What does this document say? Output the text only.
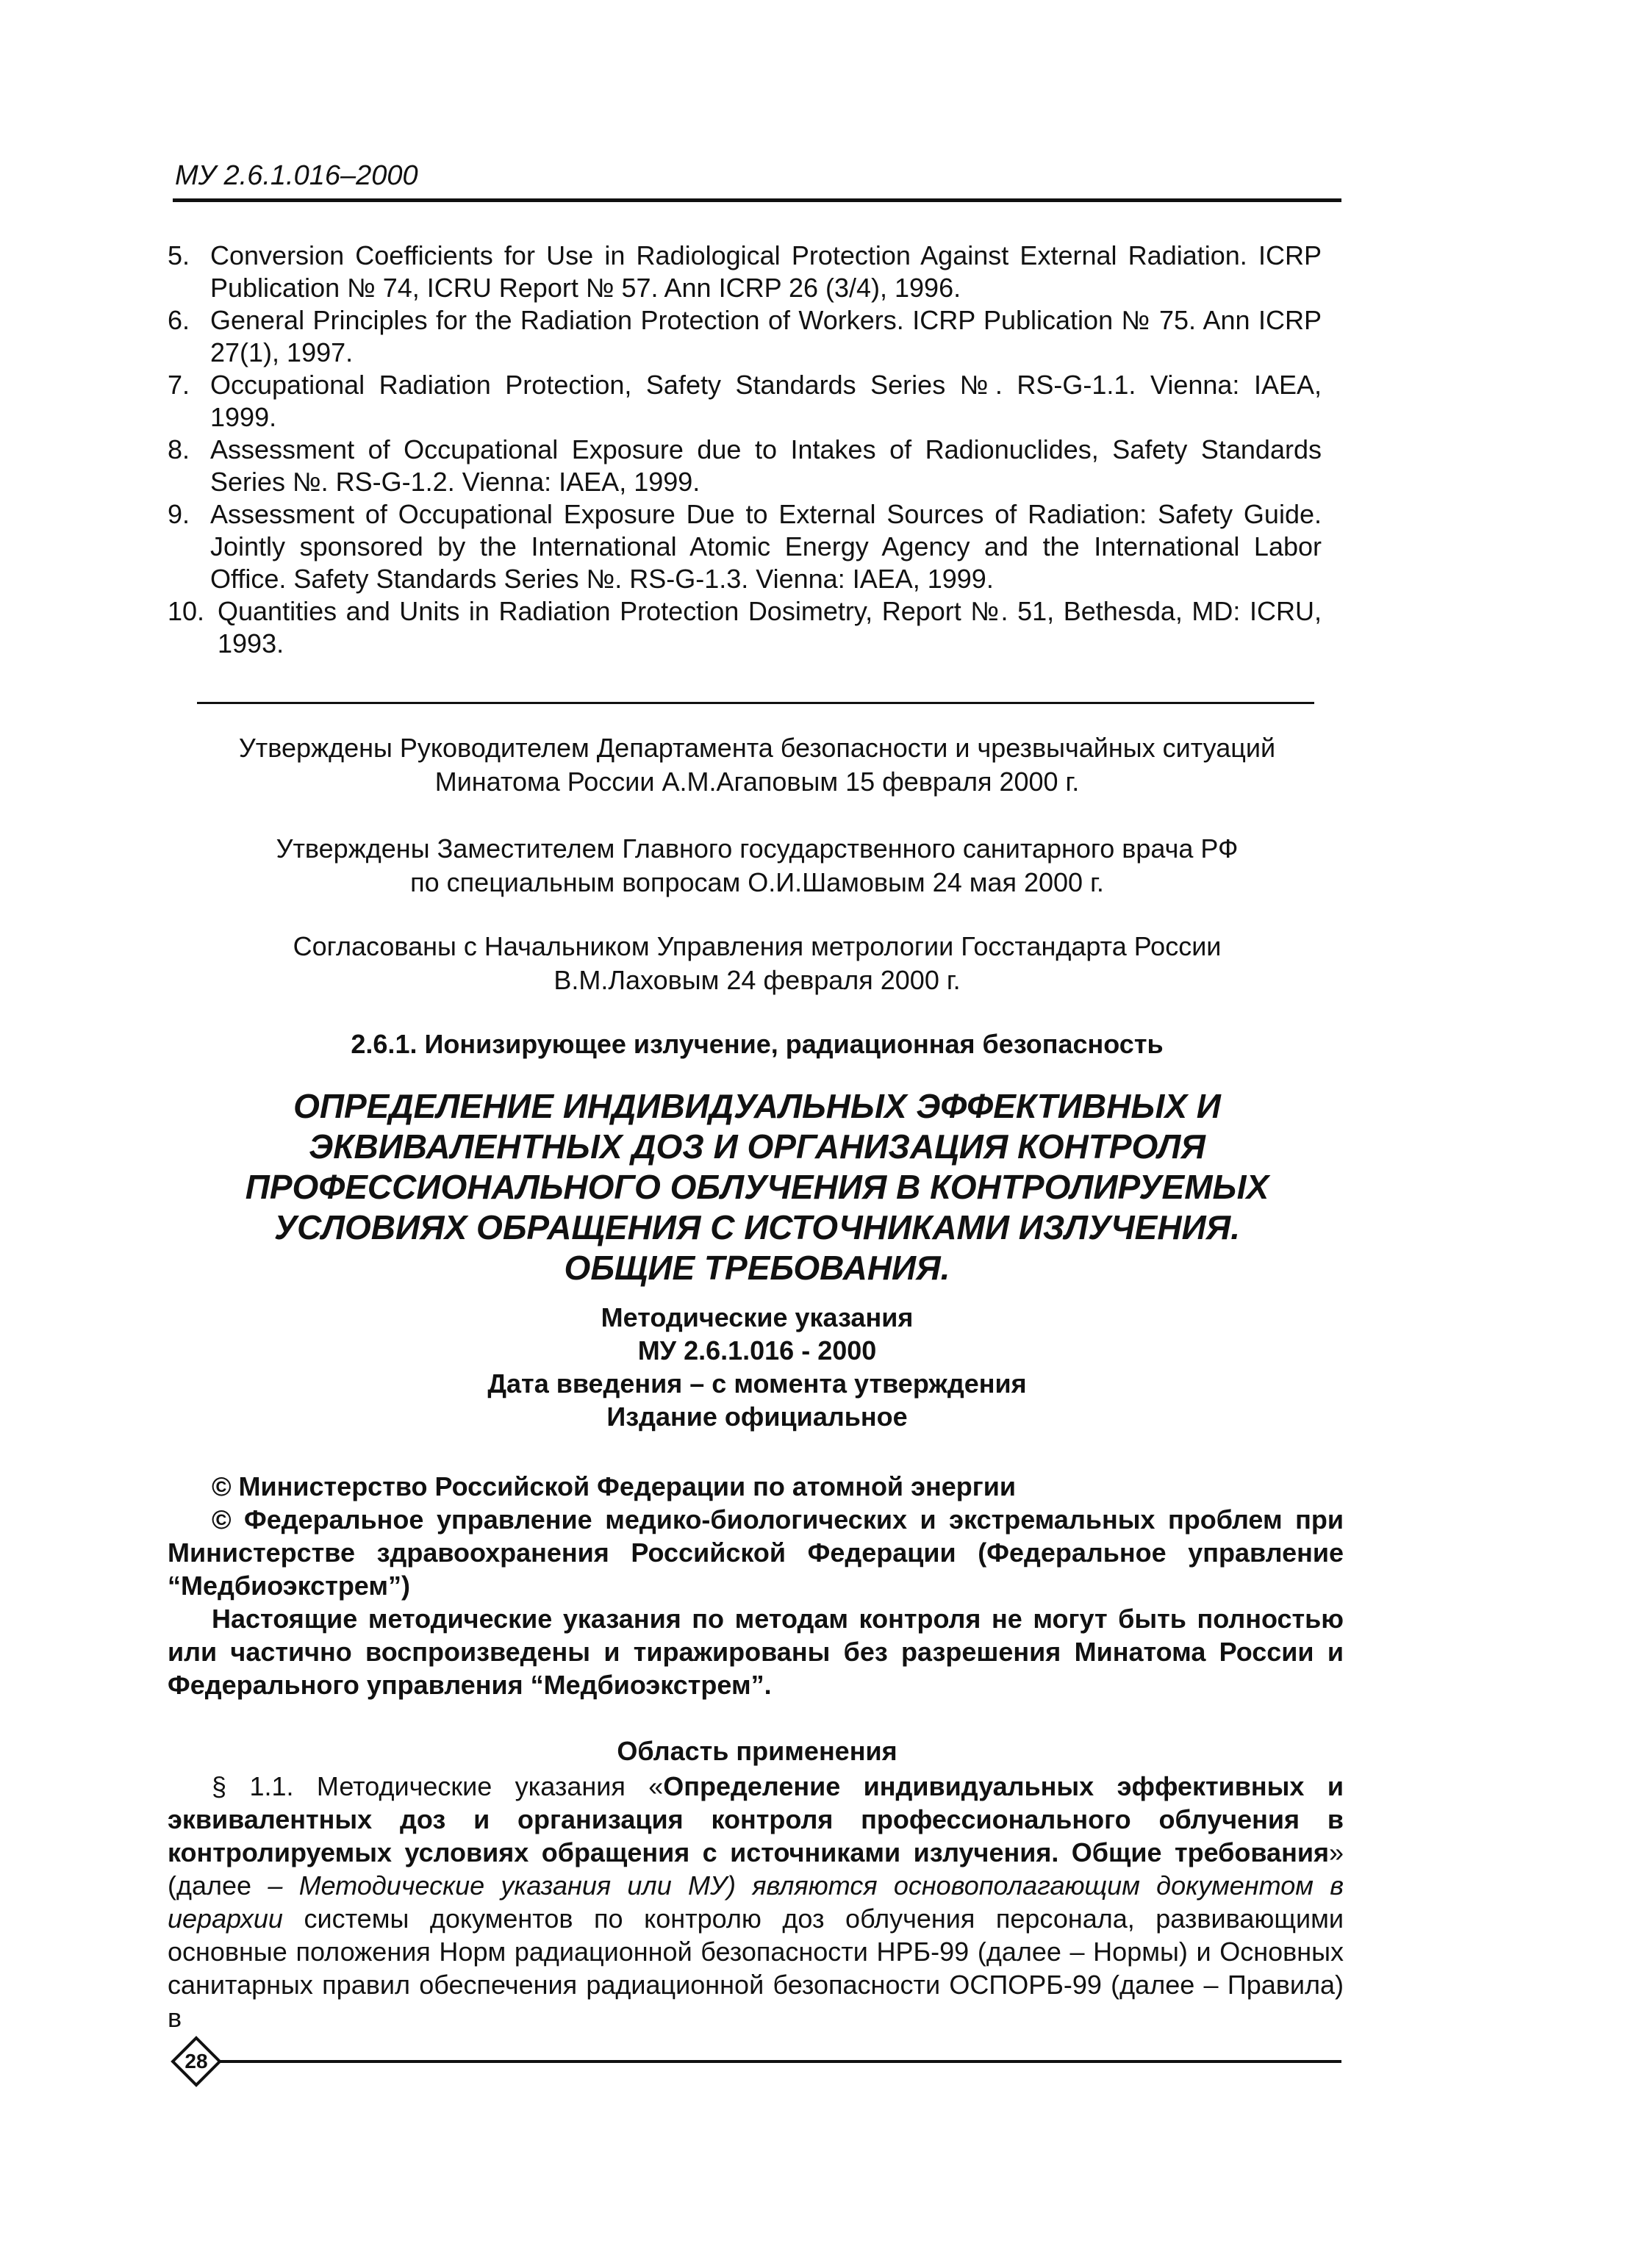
МУ 2.6.1.016–2000
5. Conversion Coefficients for Use in Radiological Protection Against External Radiation. ICRP Publication № 74, ICRU Report № 57. Ann ICRP 26 (3/4), 1996.
6. General Principles for the Radiation Protection of Workers. ICRP Publication № 75. Ann ICRP 27(1), 1997.
7. Occupational Radiation Protection, Safety Standards Series №. RS-G-1.1. Vienna: IAEA, 1999.
8. Assessment of Occupational Exposure due to Intakes of Radionuclides, Safety Standards Series №. RS-G-1.2. Vienna: IAEA, 1999.
9. Assessment of Occupational Exposure Due to External Sources of Radiation: Safety Guide. Jointly sponsored by the International Atomic Energy Agency and the International Labor Office. Safety Standards Series №. RS-G-1.3. Vienna: IAEA, 1999.
10. Quantities and Units in Radiation Protection Dosimetry, Report №. 51, Bethesda, MD: ICRU, 1993.
Утверждены Руководителем Департамента безопасности и чрезвычайных ситуаций
Минатома России А.М.Агаповым 15 февраля 2000 г.
Утверждены Заместителем Главного государственного санитарного врача РФ
по специальным вопросам О.И.Шамовым 24 мая 2000 г.
Согласованы с Начальником Управления метрологии Госстандарта России
В.М.Лаховым 24 февраля 2000 г.
2.6.1. Ионизирующее излучение, радиационная безопасность
ОПРЕДЕЛЕНИЕ ИНДИВИДУАЛЬНЫХ ЭФФЕКТИВНЫХ И
ЭКВИВАЛЕНТНЫХ ДОЗ И ОРГАНИЗАЦИЯ КОНТРОЛЯ
ПРОФЕССИОНАЛЬНОГО ОБЛУЧЕНИЯ В КОНТРОЛИРУЕМЫХ
УСЛОВИЯХ ОБРАЩЕНИЯ С ИСТОЧНИКАМИ ИЗЛУЧЕНИЯ.
ОБЩИЕ ТРЕБОВАНИЯ.
Методические указания
МУ 2.6.1.016 - 2000
Дата введения – с момента утверждения
Издание официальное
© Министерство Российской Федерации по атомной энергии
© Федеральное управление медико-биологических и экстремальных проблем при Министерстве здравоохранения Российской Федерации (Федеральное управление “Медбиоэкстрем”)
Настоящие методические указания по методам контроля не могут быть полностью или частично воспроизведены и тиражированы без разрешения Минатома России и Федерального управления “Медбиоэкстрем”.
Область применения
§ 1.1. Методические указания «Определение индивидуальных эффективных и эквивалентных доз и организация контроля профессионального облучения в контролируемых условиях обращения с источниками излучения. Общие требования» (далее – Методические указания или МУ) являются основополагающим документом в иерархии системы документов по контролю доз облучения персонала, развивающими основные положения Норм радиационной безопасности НРБ-99 (далее – Нормы) и Основных санитарных правил обеспечения радиационной безопасности ОСПОРБ-99 (далее – Правила) в
28
